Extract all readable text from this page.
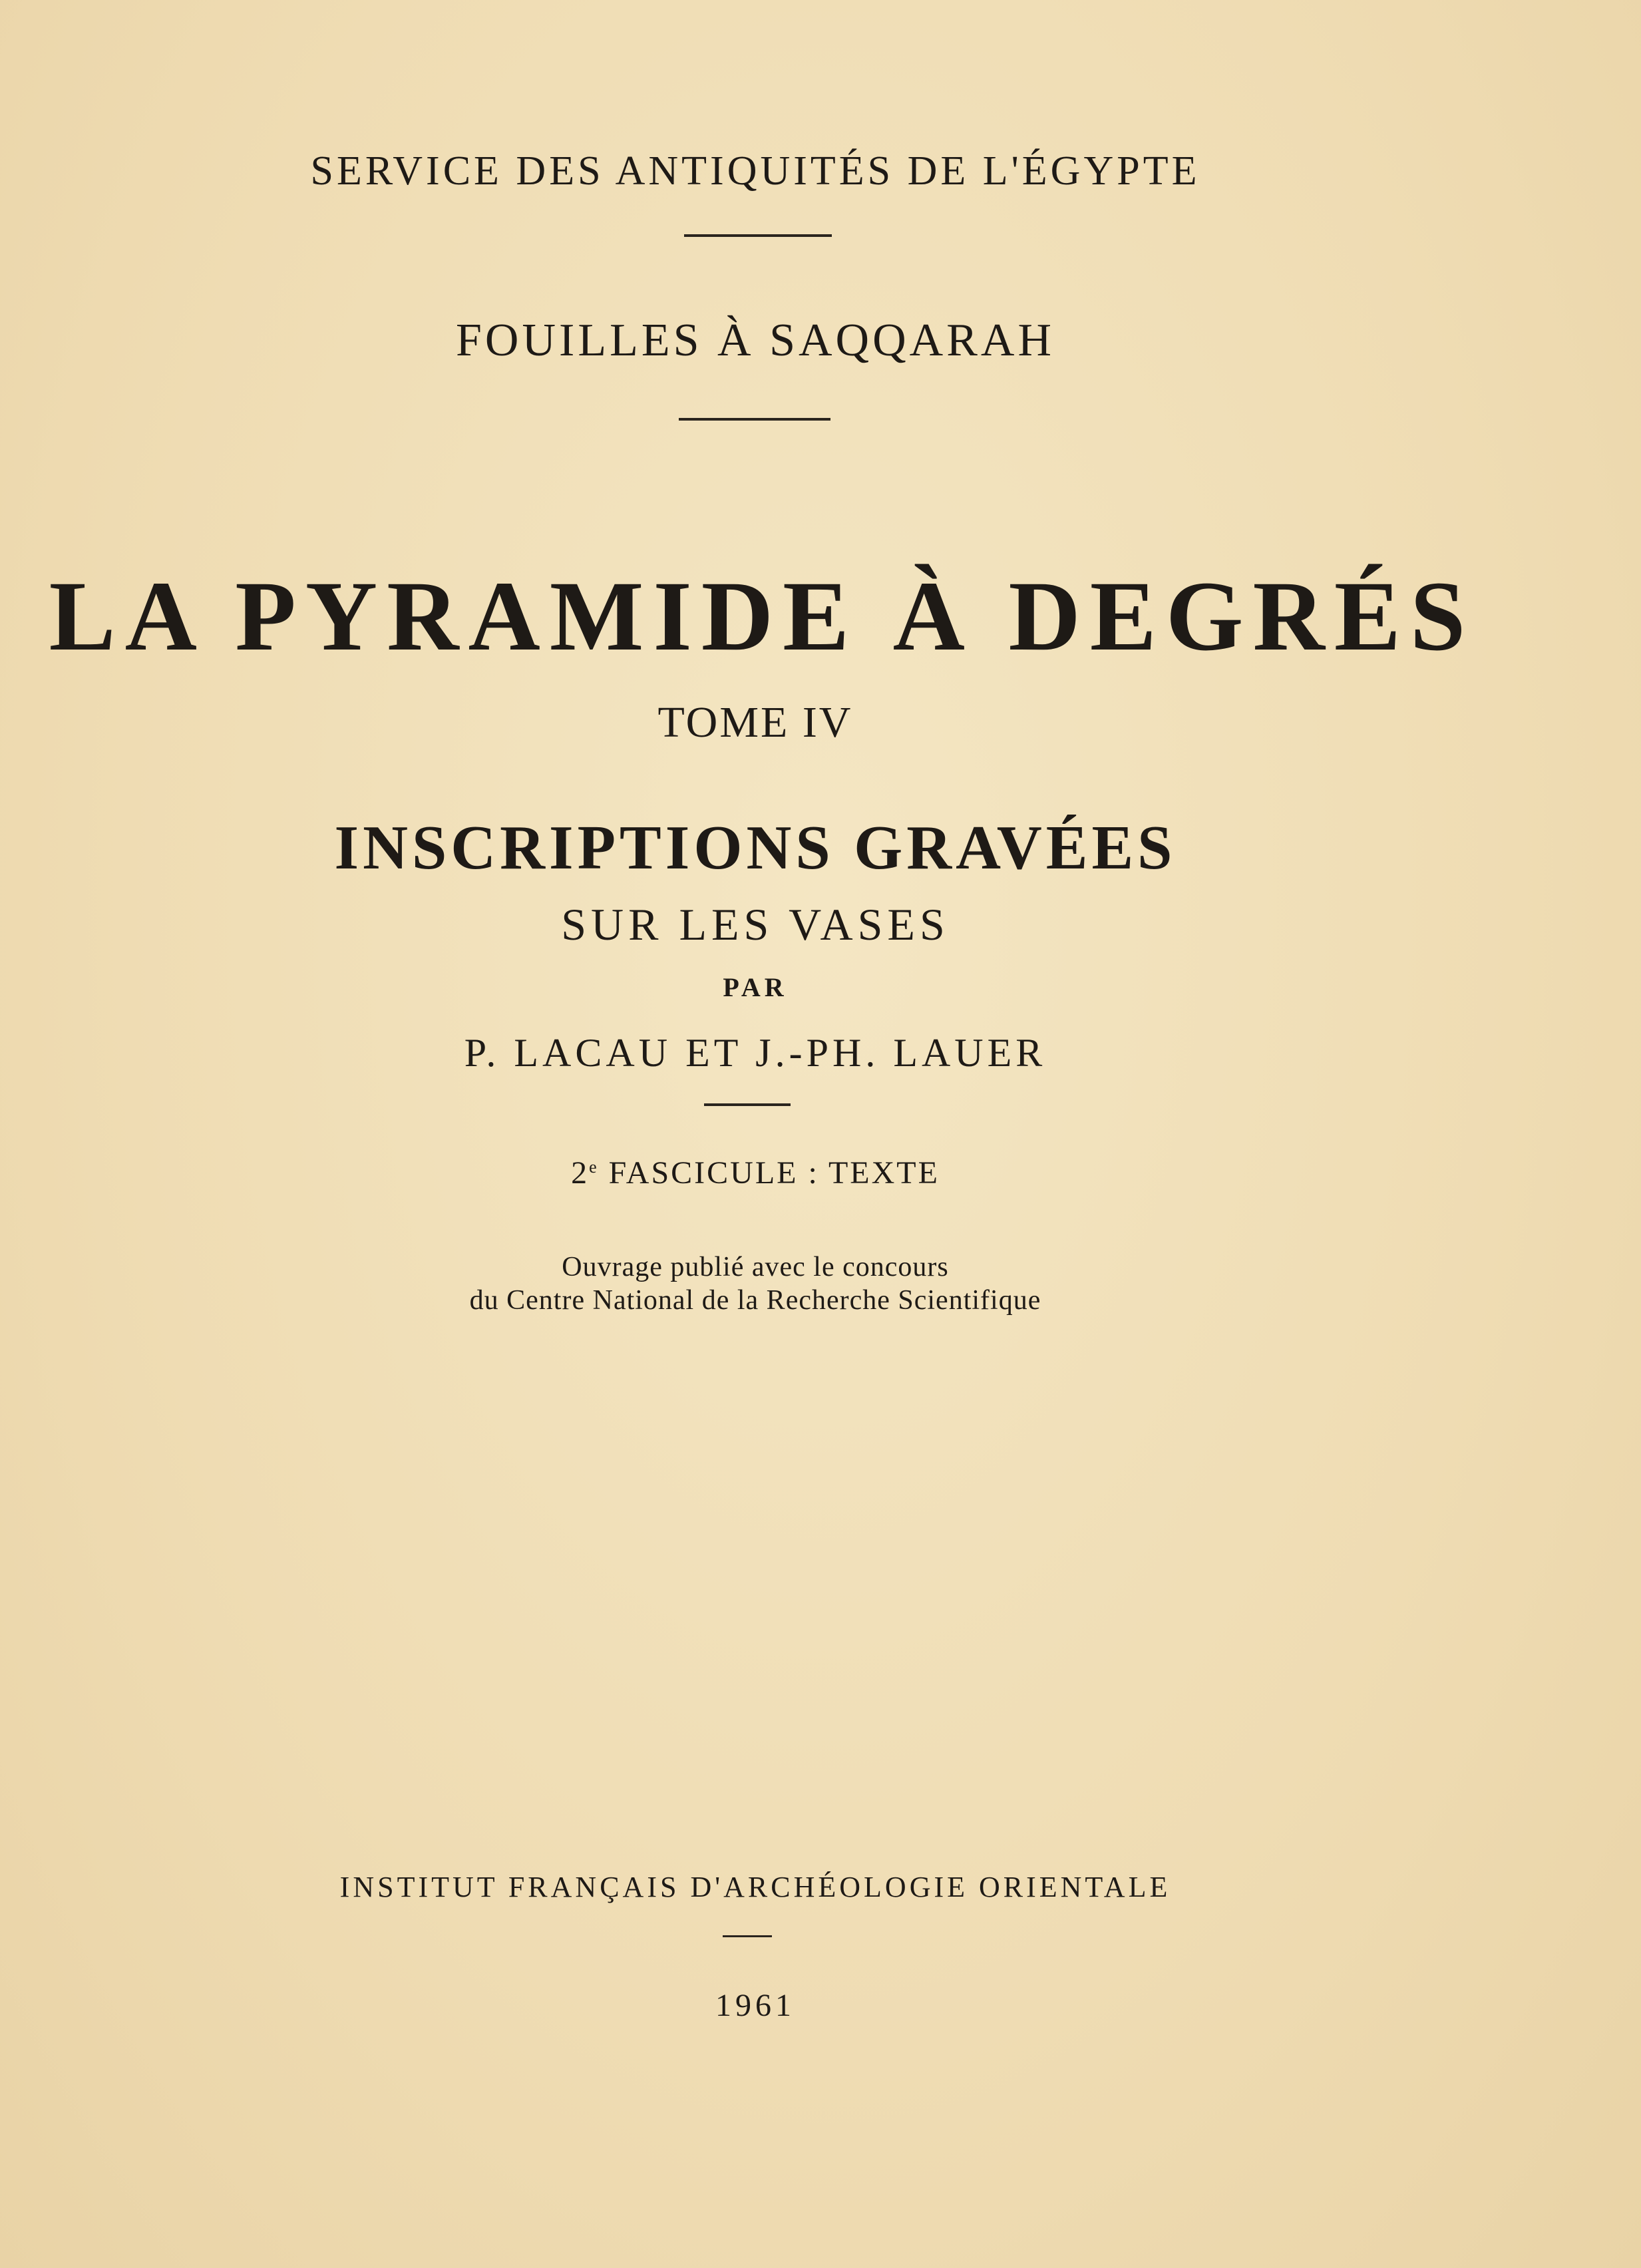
SERVICE DES ANTIQUITÉS DE L'ÉGYPTE
FOUILLES À SAQQARAH
LA PYRAMIDE À DEGRÉS
TOME IV
INSCRIPTIONS GRAVÉES
SUR LES VASES
PAR
P. LACAU ET J.-PH. LAUER
2e FASCICULE : TEXTE
Ouvrage publié avec le concours
du Centre National de la Recherche Scientifique
INSTITUT FRANÇAIS D'ARCHÉOLOGIE ORIENTALE
1961
